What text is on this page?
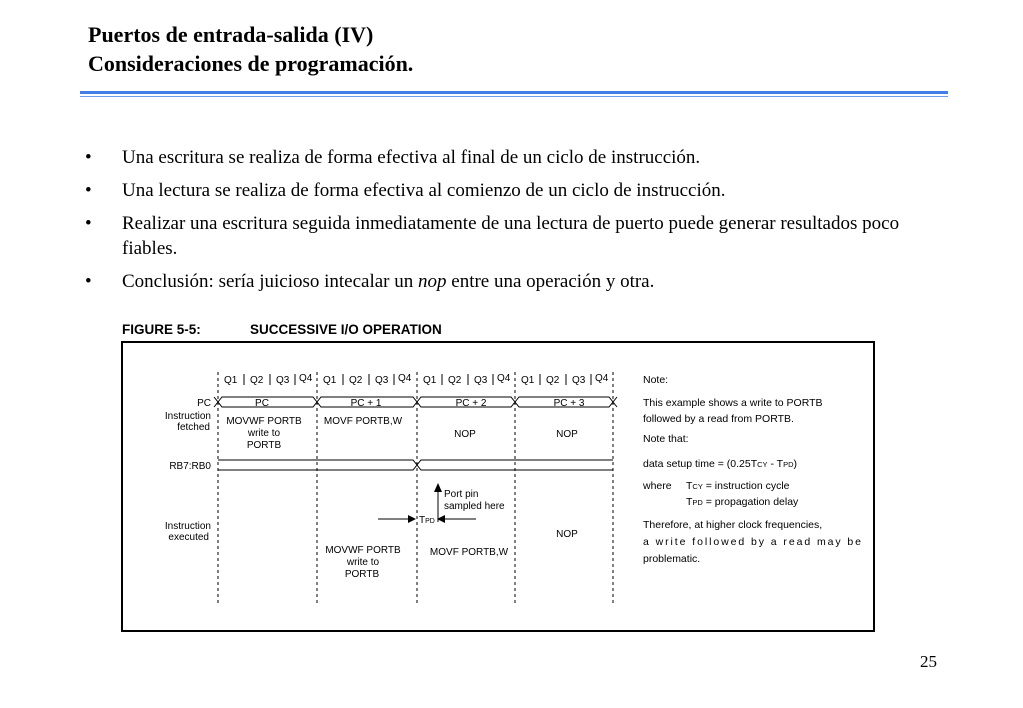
Puertos de entrada-salida (IV)
Consideraciones de programación.
• Una escritura se realiza de forma efectiva al final de un ciclo de instrucción.
• Una lectura se realiza de forma efectiva al comienzo de un ciclo de instrucción.
• Realizar una escritura seguida inmediatamente de una lectura de puerto puede generar resultados poco fiables.
• Conclusión: sería juicioso intecalar un nop entre una operación y otra.
FIGURE 5-5:	SUCCESSIVE I/O OPERATION
Q1 Q2 Q3 Q4 Q1 Q2 Q3 Q4 Q1 Q2 Q3 Q4 Q1 Q2 Q3 Q4
PC
Instruction
fetched
RB7:RB0
Instruction
executed
PC	PC + 1	PC + 2	PC + 3
MOVWF PORTB
write to
PORTB
MOVF PORTB,W
NOP	NOP
Port pin
sampled here
TPD
MOVWF PORTB
write to
PORTB
MOVF PORTB,W
NOP
Note:
This example shows a write to PORTB
followed by a read from PORTB.
Note that:
data setup time = (0.25TCY - TPD)
where TCY = instruction cycle
TPD = propagation delay
Therefore, at higher clock frequencies,
a write followed by a read may be
problematic.
25
